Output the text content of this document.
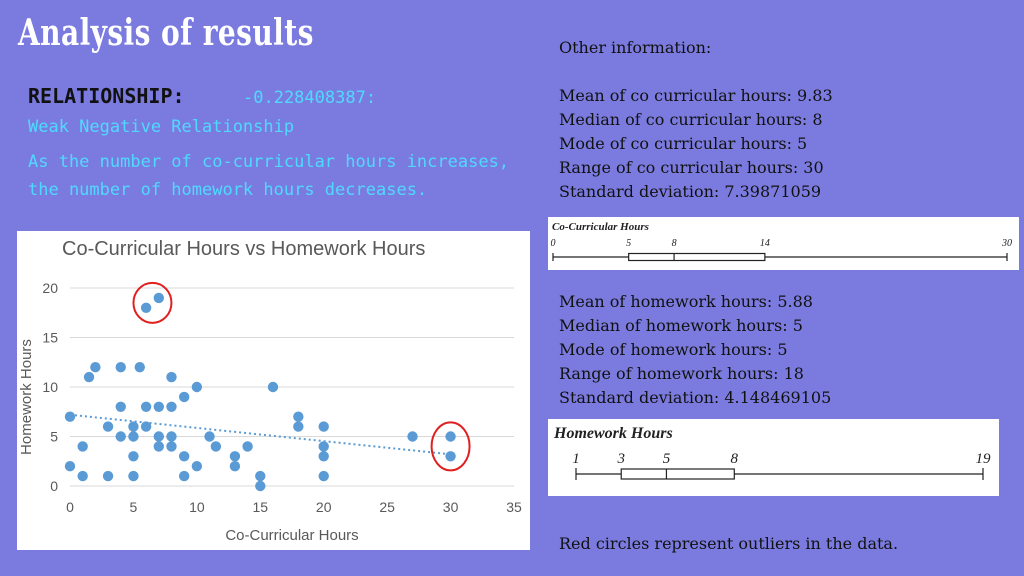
Analysis of results
RELATIONSHIP:	-0.228408387:
Weak Negative Relationship
As the number of co-curricular hours increases, the number of homework hours decreases.
Co-Curricular Hours vs Homework Hours
0
5
10
15
20
0	5	10	15	20	25	30	35
Co-Curricular Hours
Homework Hours
Other information:
Mean of co curricular hours: 9.83
Median of co curricular hours: 8
Mode of co curricular hours: 5
Range of co curricular hours: 30
Standard deviation: 7.39871059
Co-Curricular Hours
0	5	8	14	30
Mean of homework hours: 5.88
Median of homework hours: 5
Mode of homework hours: 5
Range of homework hours: 18
Standard deviation: 4.148469105
Homework Hours
1	3	5	8	19
Red circles represent outliers in the data.
